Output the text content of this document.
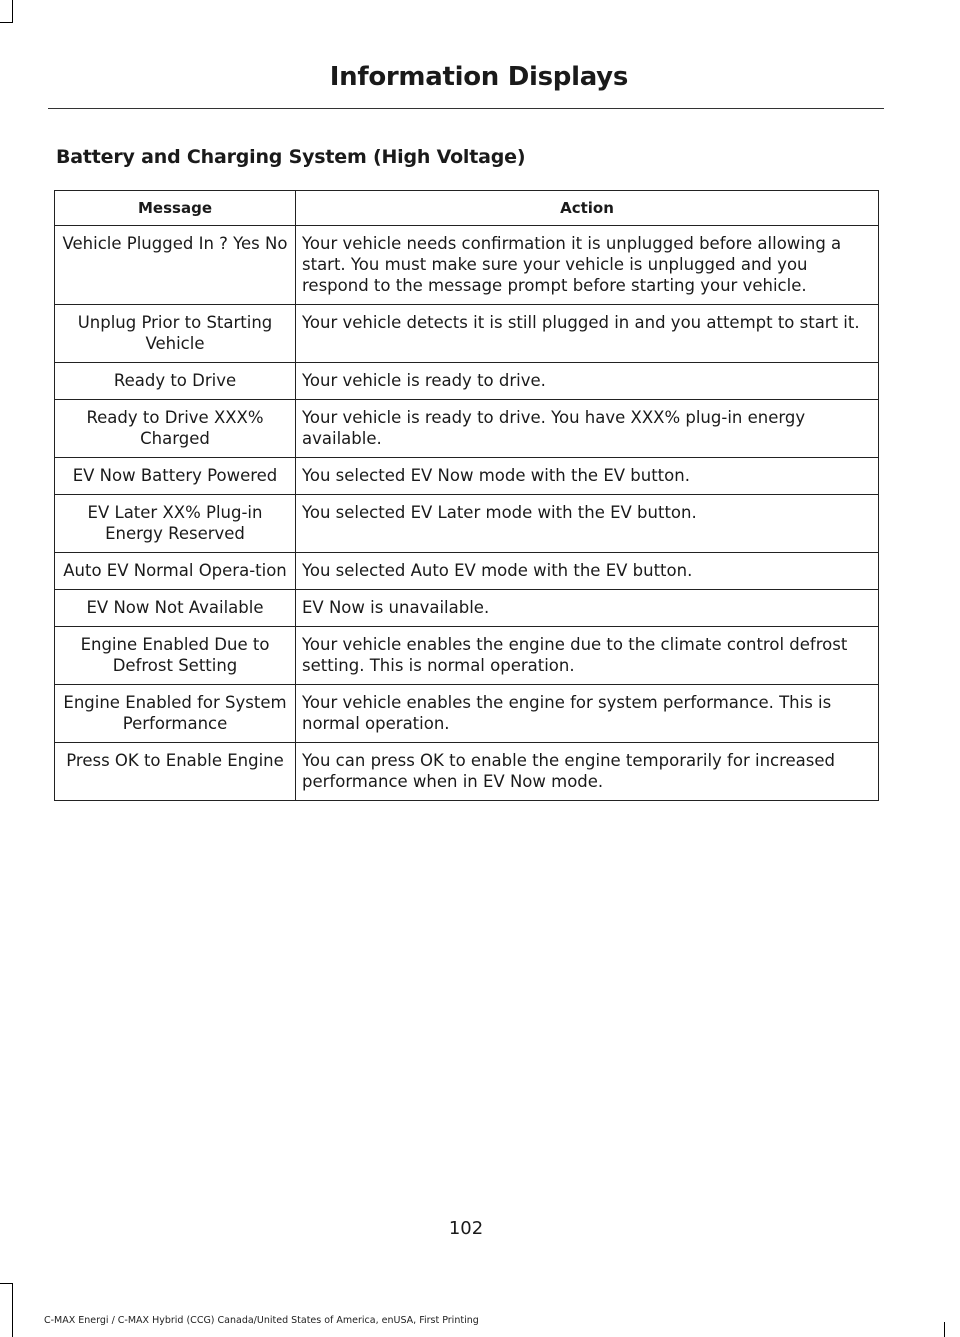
Information Displays
Battery and Charging System (High Voltage)
Message	Action
Vehicle Plugged In ? Yes No	Your vehicle needs confirmation it is unplugged before allowing a start. You must make sure your vehicle is unplugged and you respond to the message prompt before starting your vehicle.
Unplug Prior to Starting Vehicle	Your vehicle detects it is still plugged in and you attempt to start it.
Ready to Drive	Your vehicle is ready to drive.
Ready to Drive XXX% Charged	Your vehicle is ready to drive. You have XXX% plug-in energy available.
EV Now Battery Powered	You selected EV Now mode with the EV button.
EV Later XX% Plug-in Energy Reserved	You selected EV Later mode with the EV button.
Auto EV Normal Opera-tion	You selected Auto EV mode with the EV button.
EV Now Not Available	EV Now is unavailable.
Engine Enabled Due to Defrost Setting	Your vehicle enables the engine due to the climate control defrost setting. This is normal operation.
Engine Enabled for System Performance	Your vehicle enables the engine for system performance. This is normal operation.
Press OK to Enable Engine	You can press OK to enable the engine temporarily for increased performance when in EV Now mode.
102
C-MAX Energi / C-MAX Hybrid (CCG) Canada/United States of America, enUSA, First Printing
